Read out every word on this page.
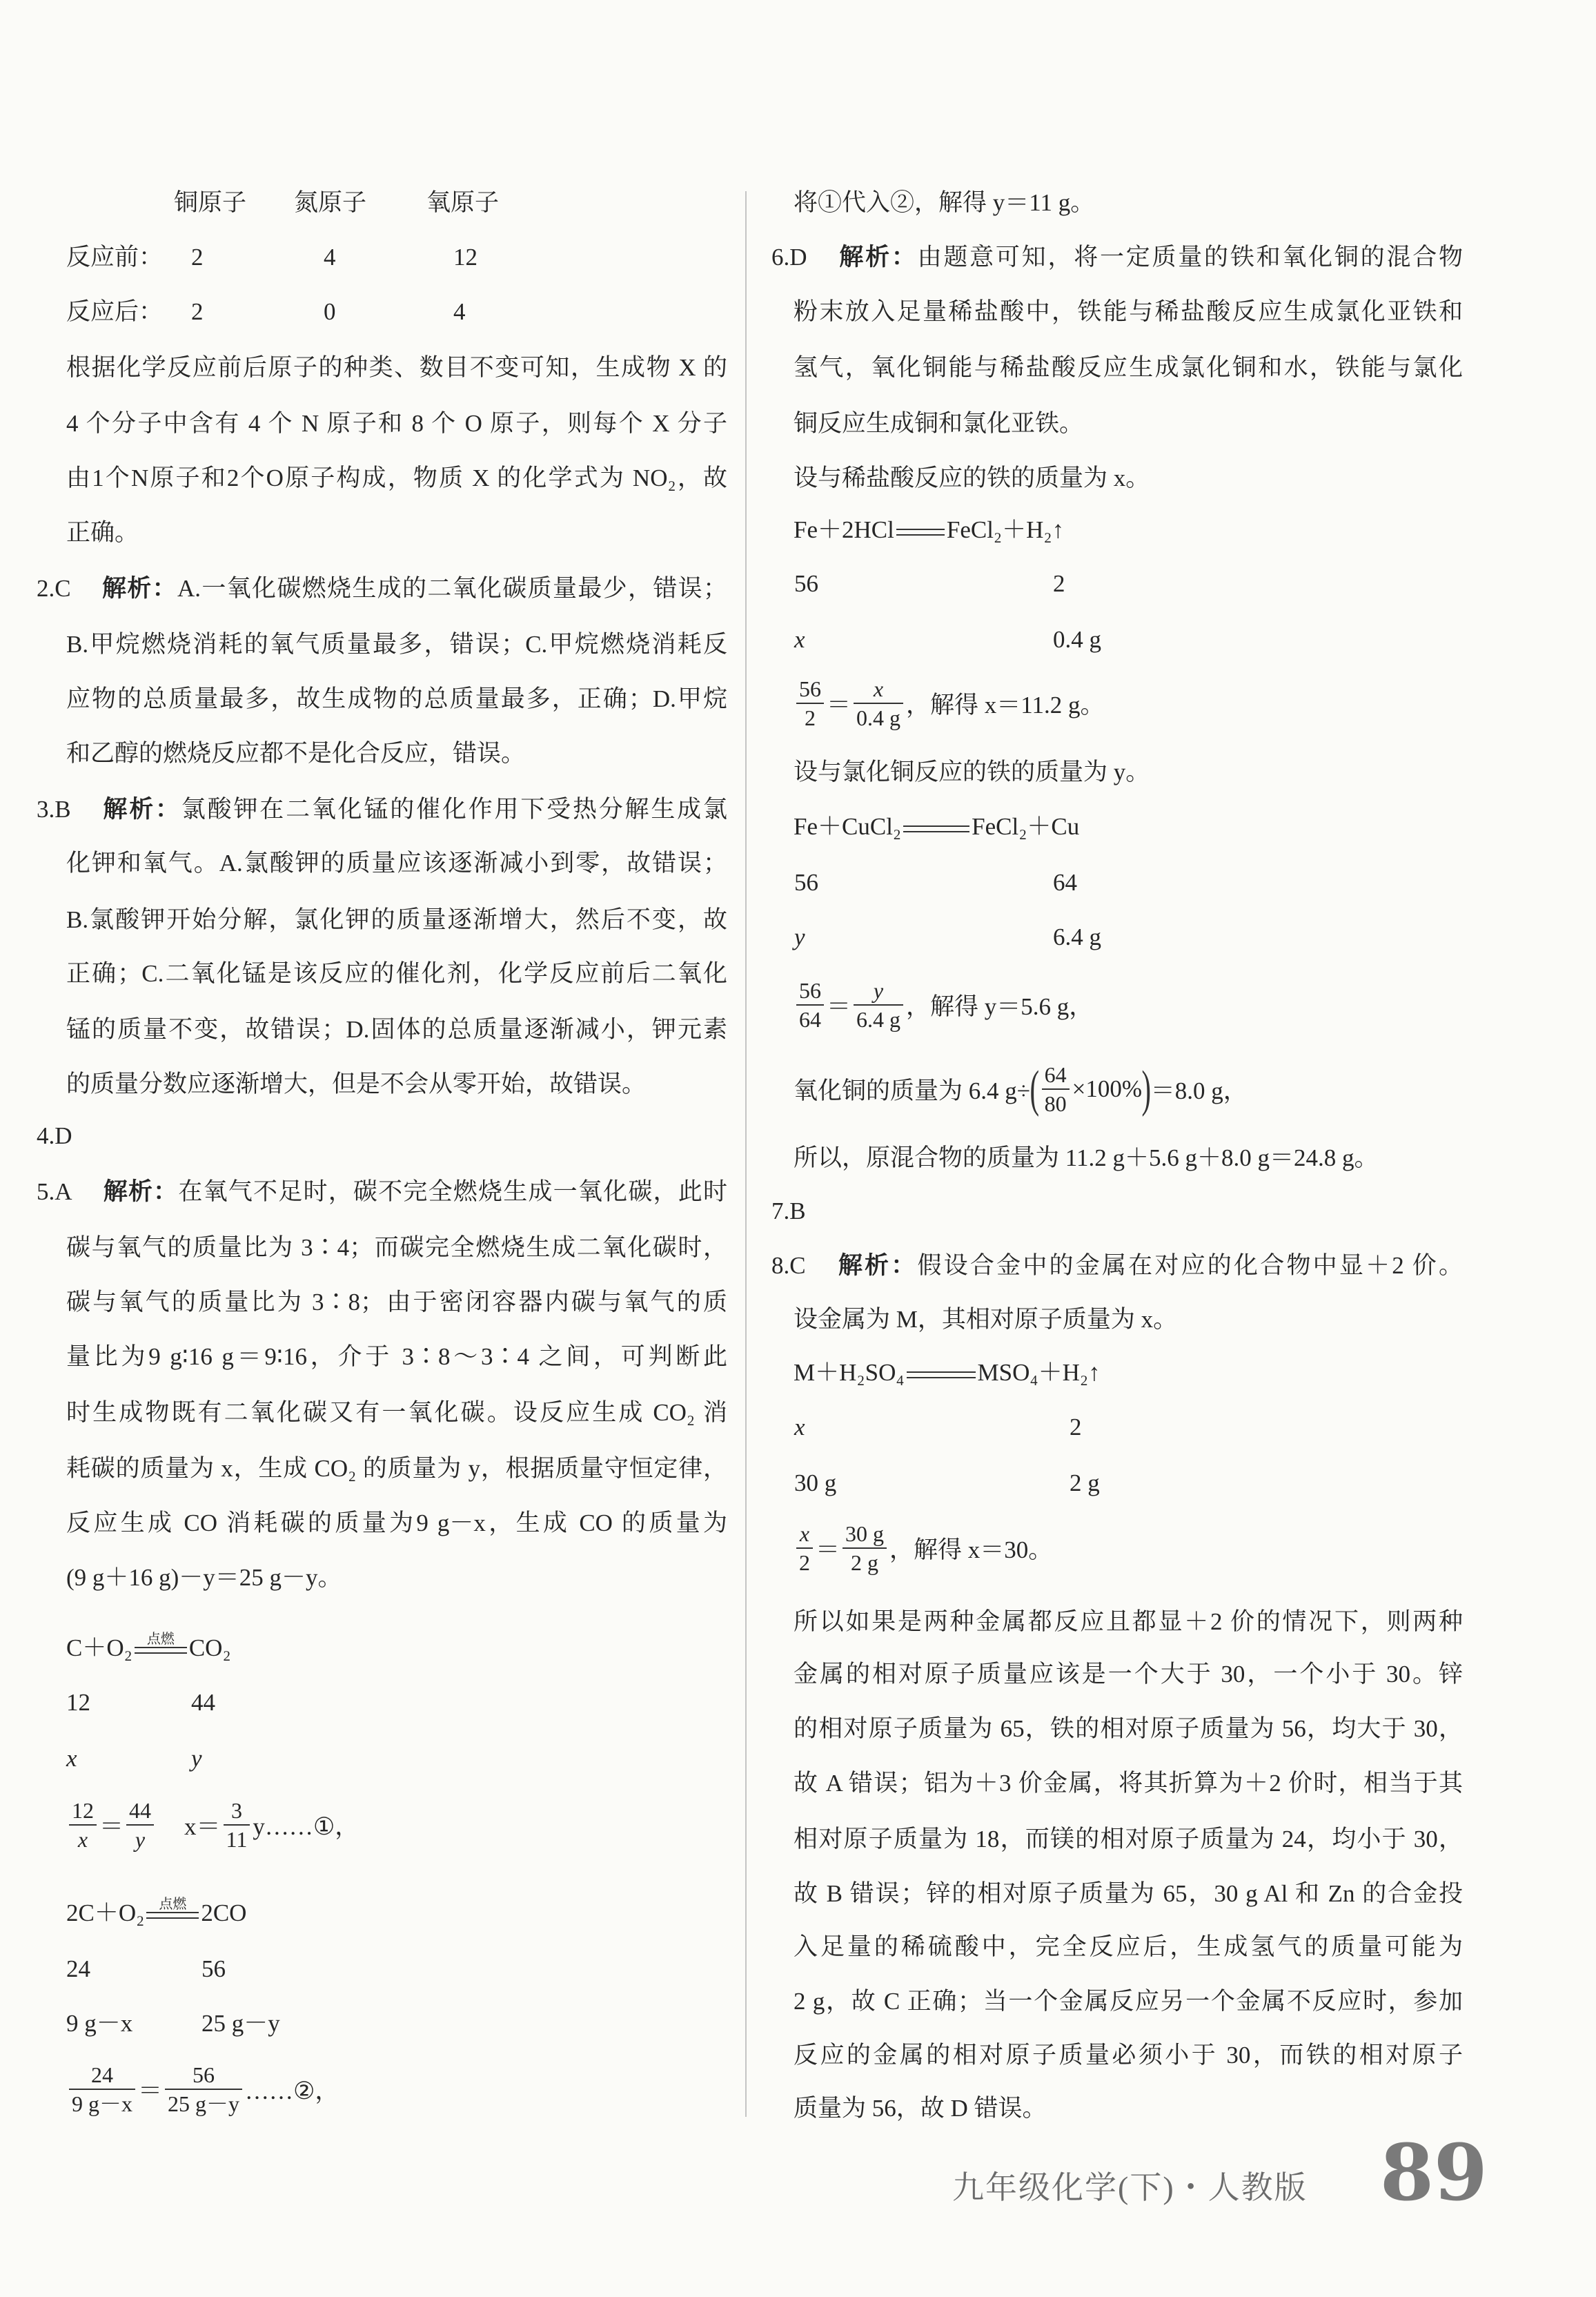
铜原子 氮原子 氧原子
反应前： 2	4	12
反应后： 2	0	4
根据化学反应前后原子的种类、数目不变可知，生成物 X 的
4 个分子中含有 4 个 N 原子和 8 个 O 原子，则每个 X 分子
由1个N原子和2个O原子构成，物质 X 的化学式为 NO₂，故
正确。
2.C 解析：A.一氧化碳燃烧生成的二氧化碳质量最少，错误；
B.甲烷燃烧消耗的氧气质量最多，错误；C.甲烷燃烧消耗反
应物的总质量最多，故生成物的总质量最多，正确；D.甲烷
和乙醇的燃烧反应都不是化合反应，错误。
3.B 解析：氯酸钾在二氧化锰的催化作用下受热分解生成氯
化钾和氧气。A.氯酸钾的质量应该逐渐减小到零，故错误；
B.氯酸钾开始分解，氯化钾的质量逐渐增大，然后不变，故
正确；C.二氧化锰是该反应的催化剂，化学反应前后二氧化
锰的质量不变，故错误；D.固体的总质量逐渐减小，钾元素
的质量分数应逐渐增大，但是不会从零开始，故错误。
4.D
5.A 解析：在氧气不足时，碳不完全燃烧生成一氧化碳，此时
碳与氧气的质量比为 3∶4；而碳完全燃烧生成二氧化碳时，
碳与氧气的质量比为 3∶8；由于密闭容器内碳与氧气的质
量比为9 g∶16 g＝9∶16，介于 3∶8～3∶4 之间，可判断此
时生成物既有二氧化碳又有一氧化碳。设反应生成 CO₂ 消
耗碳的质量为 x，生成 CO₂ 的质量为 y，根据质量守恒定律，
反应生成 CO 消耗碳的质量为9 g－x，生成 CO 的质量为
(9 g＋16 g)－y＝25 g－y。
C＋O₂	点燃 CO₂
12	44
x	y
$\frac{12}{x} = \frac{44}{y} x= \frac{3}{11}$ y……①，
2C＋O₂	点燃 2CO
24	56
9 g－x	25 g－y
$\frac{24}{9 g-x} = \frac{56}{25 g-y}$ ……②，
将①代入②，解得 y＝11 g。
6.D 解析：由题意可知，将一定质量的铁和氧化铜的混合物
粉末放入足量稀盐酸中，铁能与稀盐酸反应生成氯化亚铁和
氢气，氧化铜能与稀盐酸反应生成氯化铜和水，铁能与氯化
铜反应生成铜和氯化亚铁。
设与稀盐酸反应的铁的质量为 x。
Fe＋2HCl FeCl₂＋H₂↑
56	2
x	0.4 g
$\frac{56}{2} = \frac{x}{0.4 g}$ ，解得 x＝11.2 g。
设与氯化铜反应的铁的质量为 y。
Fe＋CuCl₂	FeCl₂＋Cu
56	64
y	6.4 g
$\frac{56}{64} = \frac{y}{6.4 g}$ ，解得 y＝5.6 g，
氧化铜的质量为 6.4 g÷ ( $\frac{64}{80} \times 100\%$ ) ＝8.0 g，
所以，原混合物的质量为 11.2 g＋5.6 g＋8.0 g＝24.8 g。
7.B
8.C 解析：假设合金中的金属在对应的化合物中显＋2 价。
设金属为 M，其相对原子质量为 x。
M＋H₂SO₄	MSO₄＋H₂↑
x	2
30 g	2 g
$\frac{x}{2} = \frac{30 g}{2 g}$ ，解得 x＝30。
所以如果是两种金属都反应且都显＋2 价的情况下，则两种
金属的相对原子质量应该是一个大于 30，一个小于 30。锌
的相对原子质量为 65，铁的相对原子质量为 56，均大于 30，
故 A 错误；铝为＋3 价金属，将其折算为＋2 价时，相当于其
相对原子质量为 18，而镁的相对原子质量为 24，均小于 30，
故 B 错误；锌的相对原子质量为 65，30 g Al 和 Zn 的合金投
入足量的稀硫酸中，完全反应后，生成氢气的质量可能为
2 g，故 C 正确；当一个金属反应另一个金属不反应时，参加
反应的金属的相对原子质量必须小于 30，而铁的相对原子
质量为 56，故 D 错误。
九年级化学(下)・人教版 89
